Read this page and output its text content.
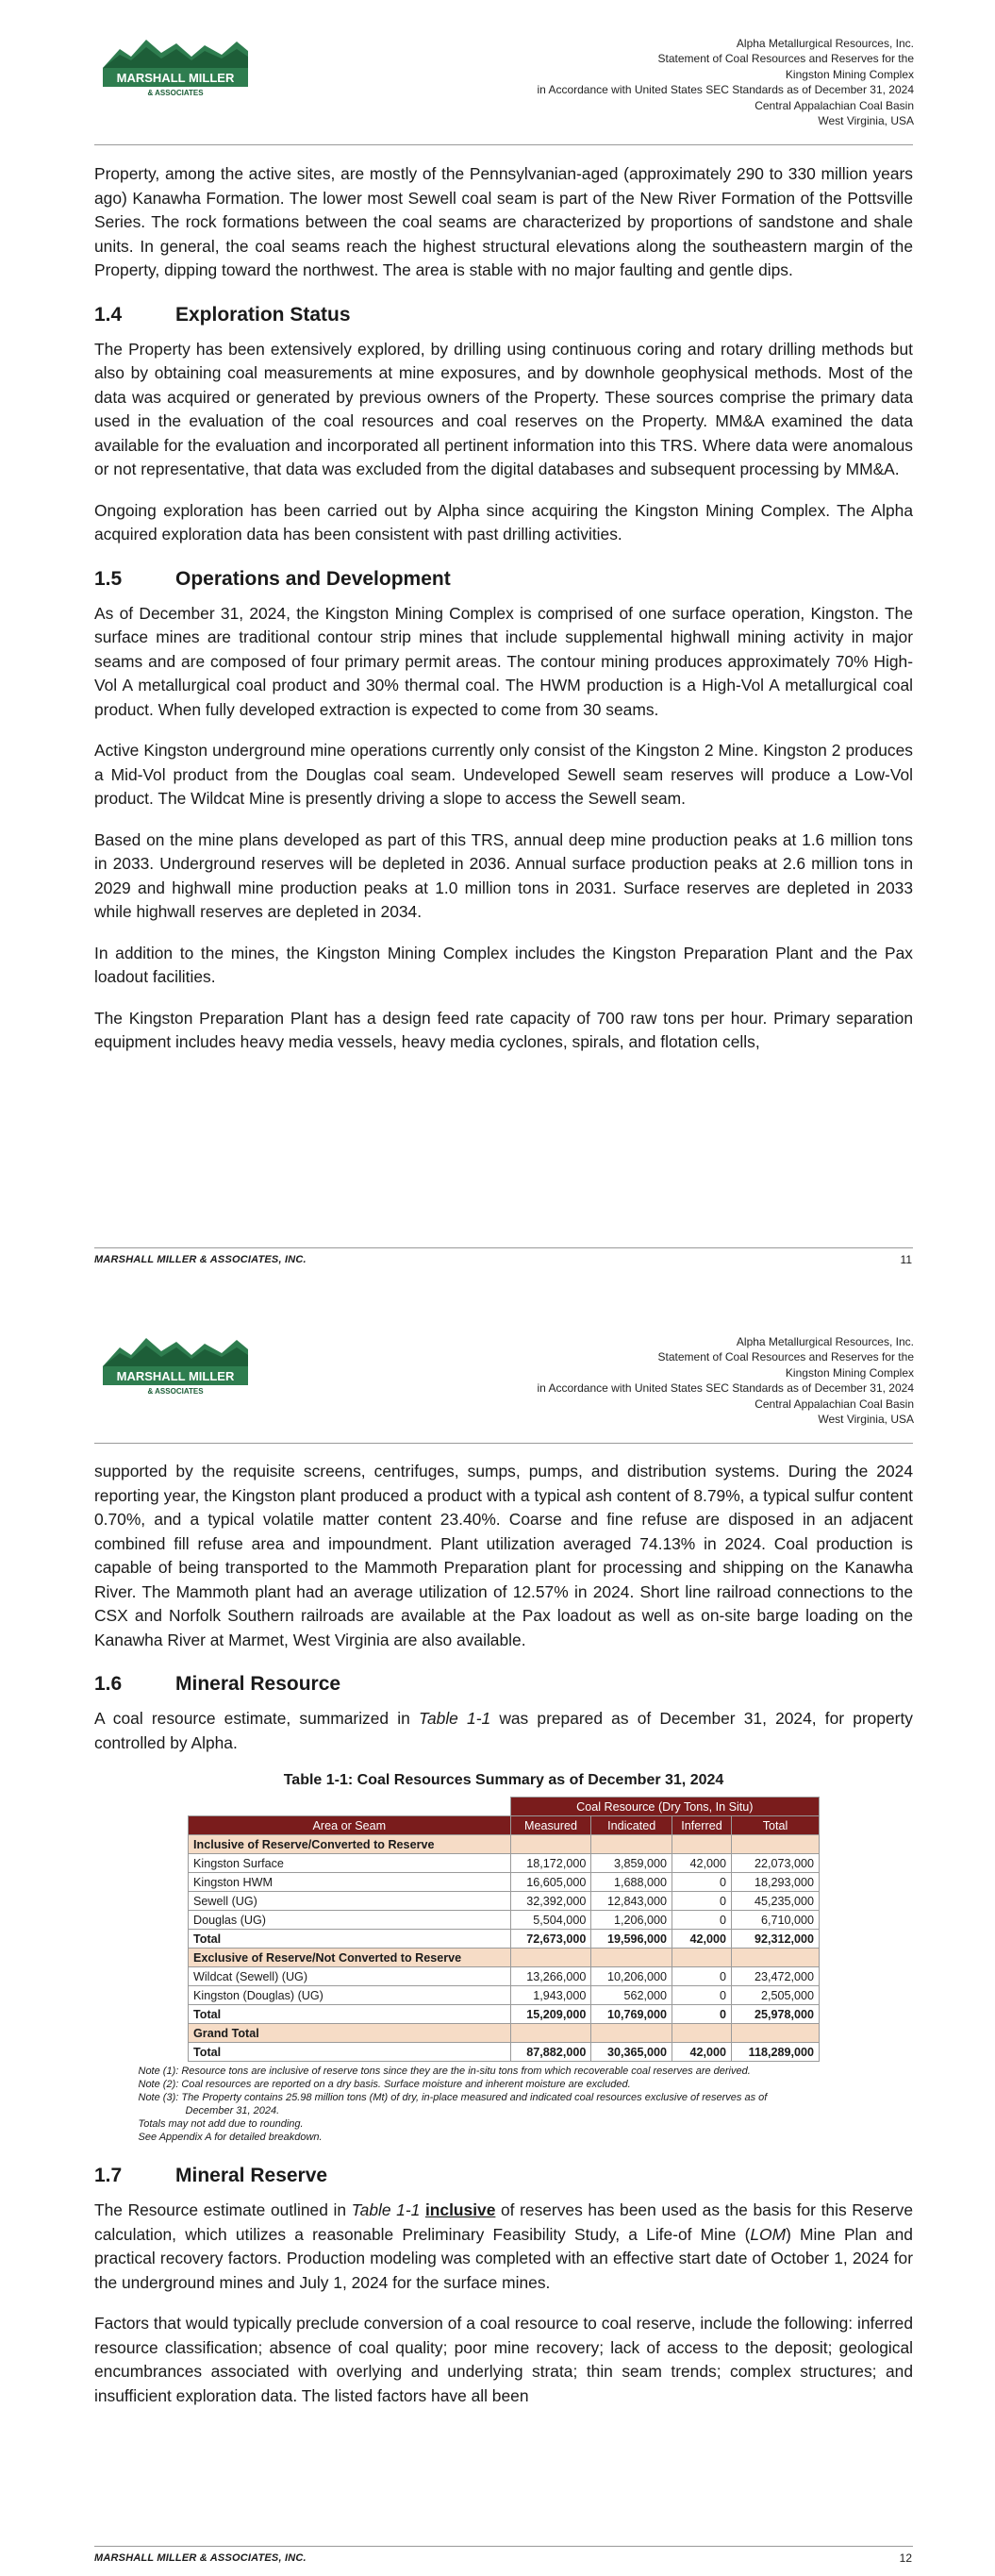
MARSHALL MILLER
& ASSOCIATES
Alpha Metallurgical Resources, Inc.
Statement of Coal Resources and Reserves for the
Kingston Mining Complex
in Accordance with United States SEC Standards as of December 31, 2024
Central Appalachian Coal Basin
West Virginia, USA

Property, among the active sites, are mostly of the Pennsylvanian-aged (approximately 290 to 330 million years ago) Kanawha Formation. The lower most Sewell coal seam is part of the New River Formation of the Pottsville Series. The rock formations between the coal seams are characterized by proportions of sandstone and shale units. In general, the coal seams reach the highest structural elevations along the southeastern margin of the Property, dipping toward the northwest. The area is stable with no major faulting and gentle dips.

1.4	Exploration Status

The Property has been extensively explored, by drilling using continuous coring and rotary drilling methods but also by obtaining coal measurements at mine exposures, and by downhole geophysical methods. Most of the data was acquired or generated by previous owners of the Property. These sources comprise the primary data used in the evaluation of the coal resources and coal reserves on the Property. MM&A examined the data available for the evaluation and incorporated all pertinent information into this TRS. Where data were anomalous or not representative, that data was excluded from the digital databases and subsequent processing by MM&A.

Ongoing exploration has been carried out by Alpha since acquiring the Kingston Mining Complex. The Alpha acquired exploration data has been consistent with past drilling activities.

1.5	Operations and Development

As of December 31, 2024, the Kingston Mining Complex is comprised of one surface operation, Kingston. The surface mines are traditional contour strip mines that include supplemental highwall mining activity in major seams and are composed of four primary permit areas. The contour mining produces approximately 70% High-Vol A metallurgical coal product and 30% thermal coal. The HWM production is a High-Vol A metallurgical coal product. When fully developed extraction is expected to come from 30 seams.

Active Kingston underground mine operations currently only consist of the Kingston 2 Mine. Kingston 2 produces a Mid-Vol product from the Douglas coal seam. Undeveloped Sewell seam reserves will produce a Low-Vol product. The Wildcat Mine is presently driving a slope to access the Sewell seam.

Based on the mine plans developed as part of this TRS, annual deep mine production peaks at 1.6 million tons in 2033. Underground reserves will be depleted in 2036. Annual surface production peaks at 2.6 million tons in 2029 and highwall mine production peaks at 1.0 million tons in 2031. Surface reserves are depleted in 2033 while highwall reserves are depleted in 2034.

In addition to the mines, the Kingston Mining Complex includes the Kingston Preparation Plant and the Pax loadout facilities.

The Kingston Preparation Plant has a design feed rate capacity of 700 raw tons per hour. Primary separation equipment includes heavy media vessels, heavy media cyclones, spirals, and flotation cells,

MARSHALL MILLER & ASSOCIATES, INC.	11
MARSHALL MILLER
& ASSOCIATES
Alpha Metallurgical Resources, Inc.
Statement of Coal Resources and Reserves for the
Kingston Mining Complex
in Accordance with United States SEC Standards as of December 31, 2024
Central Appalachian Coal Basin
West Virginia, USA

supported by the requisite screens, centrifuges, sumps, pumps, and distribution systems. During the 2024 reporting year, the Kingston plant produced a product with a typical ash content of 8.79%, a typical sulfur content 0.70%, and a typical volatile matter content 23.40%. Coarse and fine refuse are disposed in an adjacent combined fill refuse area and impoundment. Plant utilization averaged 74.13% in 2024. Coal production is capable of being transported to the Mammoth Preparation plant for processing and shipping on the Kanawha River. The Mammoth plant had an average utilization of 12.57% in 2024. Short line railroad connections to the CSX and Norfolk Southern railroads are available at the Pax loadout as well as on-site barge loading on the Kanawha River at Marmet, West Virginia are also available.

1.6	Mineral Resource

A coal resource estimate, summarized in Table 1-1 was prepared as of December 31, 2024, for property controlled by Alpha.

Table 1-1: Coal Resources Summary as of December 31, 2024
	Coal Resource (Dry Tons, In Situ)			
Area or Seam	Measured	Indicated	Inferred	Total
Inclusive of Reserve/Converted to Reserve				
Kingston Surface	18,172,000	3,859,000	42,000	22,073,000
Kingston HWM	16,605,000	1,688,000	0	18,293,000
Sewell (UG)	32,392,000	12,843,000	0	45,235,000
Douglas (UG)	5,504,000	1,206,000	0	6,710,000
Total	72,673,000	19,596,000	42,000	92,312,000
Exclusive of Reserve/Not Converted to Reserve				
Wildcat (Sewell) (UG)	13,266,000	10,206,000	0	23,472,000
Kingston (Douglas) (UG)	1,943,000	562,000	0	2,505,000
Total	15,209,000	10,769,000	0	25,978,000
Grand Total				
Total	87,882,000	30,365,000	42,000	118,289,000
Note (1): Resource tons are inclusive of reserve tons since they are the in-situ tons from which recoverable coal reserves are derived.
Note (2): Coal resources are reported on a dry basis. Surface moisture and inherent moisture are excluded.
Note (3): The Property contains 25.98 million tons (Mt) of dry, in-place measured and indicated coal resources exclusive of reserves as of
December 31, 2024.
Totals may not add due to rounding.
See Appendix A for detailed breakdown.
1.7	Mineral Reserve

The Resource estimate outlined in Table 1-1 inclusive of reserves has been used as the basis for this Reserve calculation, which utilizes a reasonable Preliminary Feasibility Study, a Life-of Mine (LOM) Mine Plan and practical recovery factors. Production modeling was completed with an effective start date of October 1, 2024 for the underground mines and July 1, 2024 for the surface mines.

Factors that would typically preclude conversion of a coal resource to coal reserve, include the following: inferred resource classification; absence of coal quality; poor mine recovery; lack of access to the deposit; geological encumbrances associated with overlying and underlying strata; thin seam trends; complex structures; and insufficient exploration data. The listed factors have all been

MARSHALL MILLER & ASSOCIATES, INC.	12
